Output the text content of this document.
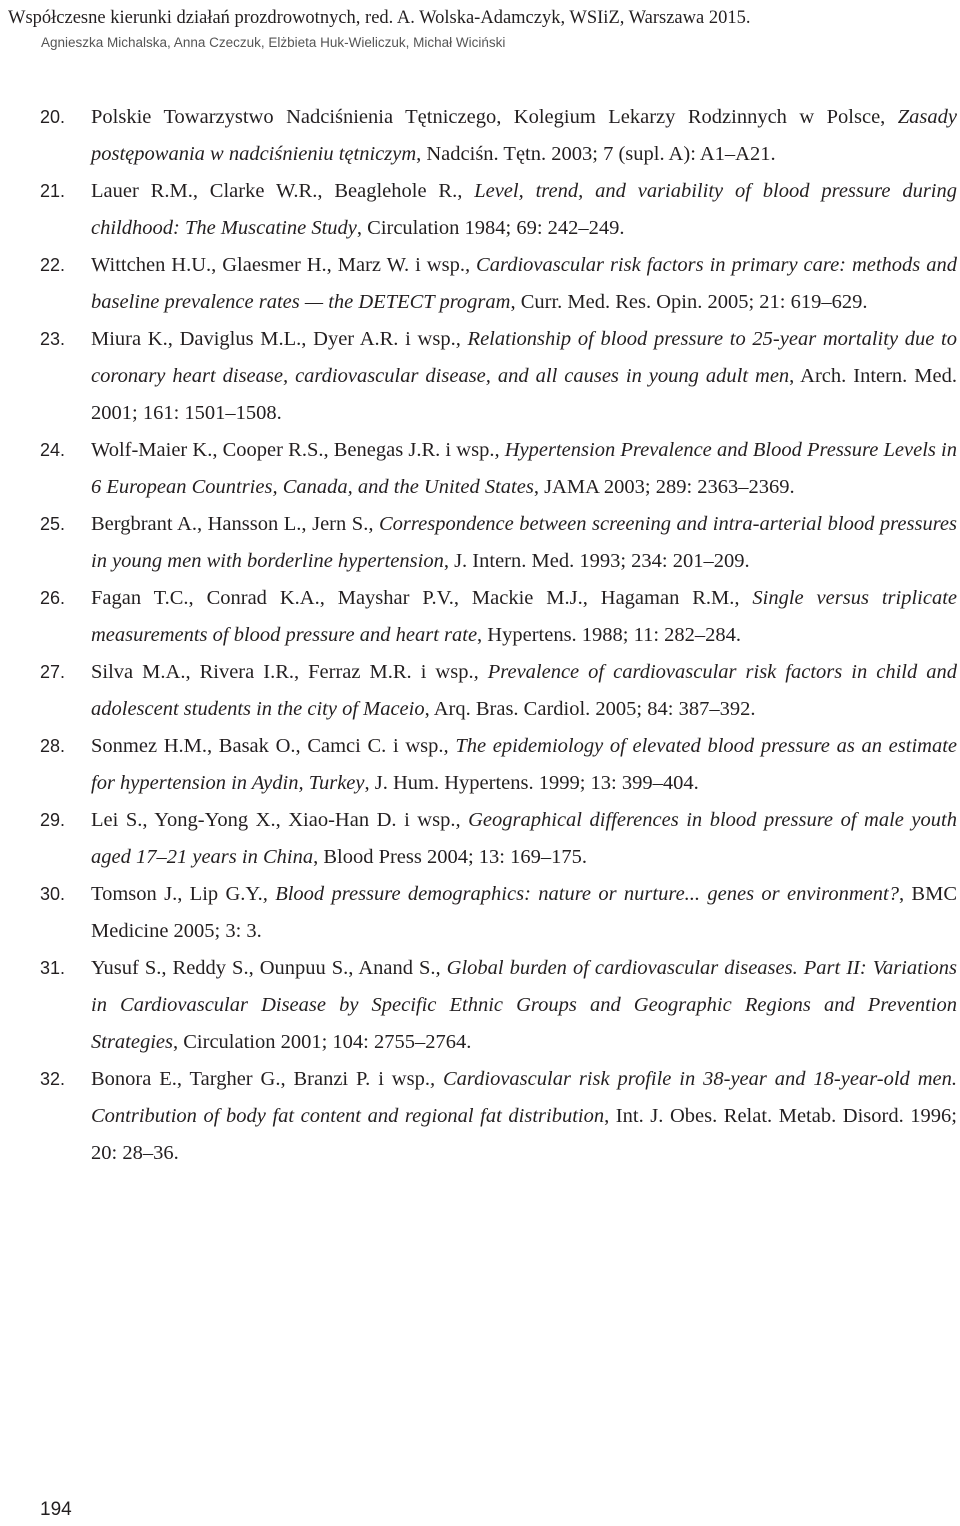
Współczesne kierunki działań prozdrowotnych, red. A. Wolska-Adamczyk, WSIiZ, Warszawa 2015.
Agnieszka Michalska, Anna Czeczuk, Elżbieta Huk-Wieliczuk, Michał Wiciński
20.	Polskie Towarzystwo Nadciśnienia Tętniczego, Kolegium Lekarzy Rodzinnych w Polsce, Zasady postępowania w nadciśnieniu tętniczym, Nadciśn. Tętn. 2003; 7 (supl. A): A1–A21.
21.	Lauer R.M., Clarke W.R., Beaglehole R., Level, trend, and variability of blood pressure during childhood: The Muscatine Study, Circulation 1984; 69: 242–249.
22.	Wittchen H.U., Glaesmer H., Marz W. i wsp., Cardiovascular risk factors in primary care: methods and baseline prevalence rates — the DETECT program, Curr. Med. Res. Opin. 2005; 21: 619–629.
23.	Miura K., Daviglus M.L., Dyer A.R. i wsp., Relationship of blood pressure to 25-year mortality due to coronary heart disease, cardiovascular disease, and all causes in young adult men, Arch. Intern. Med. 2001; 161: 1501–1508.
24.	Wolf-Maier K., Cooper R.S., Benegas J.R. i wsp., Hypertension Prevalence and Blood Pressure Levels in 6 European Countries, Canada, and the United States, JAMA 2003; 289: 2363–2369.
25.	Bergbrant A., Hansson L., Jern S., Correspondence between screening and intra-arterial blood pressures in young men with borderline hypertension, J. Intern. Med. 1993; 234: 201–209.
26.	Fagan T.C., Conrad K.A., Mayshar P.V., Mackie M.J., Hagaman R.M., Single versus triplicate measurements of blood pressure and heart rate, Hypertens. 1988; 11: 282–284.
27.	Silva M.A., Rivera I.R., Ferraz M.R. i wsp., Prevalence of cardiovascular risk factors in child and adolescent students in the city of Maceio, Arq. Bras. Cardiol. 2005; 84: 387–392.
28.	Sonmez H.M., Basak O., Camci C. i wsp., The epidemiology of elevated blood pressure as an estimate for hypertension in Aydin, Turkey, J. Hum. Hypertens. 1999; 13: 399–404.
29.	Lei S., Yong-Yong X., Xiao-Han D. i wsp., Geographical differences in blood pressure of male youth aged 17–21 years in China, Blood Press 2004; 13: 169–175.
30.	Tomson J., Lip G.Y., Blood pressure demographics: nature or nurture... genes or environment?, BMC Medicine 2005; 3: 3.
31.	Yusuf S., Reddy S., Ounpuu S., Anand S., Global burden of cardiovascular diseases. Part II: Variations in Cardiovascular Disease by Specific Ethnic Groups and Geographic Regions and Prevention Strategies, Circulation 2001; 104: 2755–2764.
32.	Bonora E., Targher G., Branzi P. i wsp., Cardiovascular risk profile in 38-year and 18-year-old men. Contribution of body fat content and regional fat distribution, Int. J. Obes. Relat. Metab. Disord. 1996; 20: 28–36.
194
